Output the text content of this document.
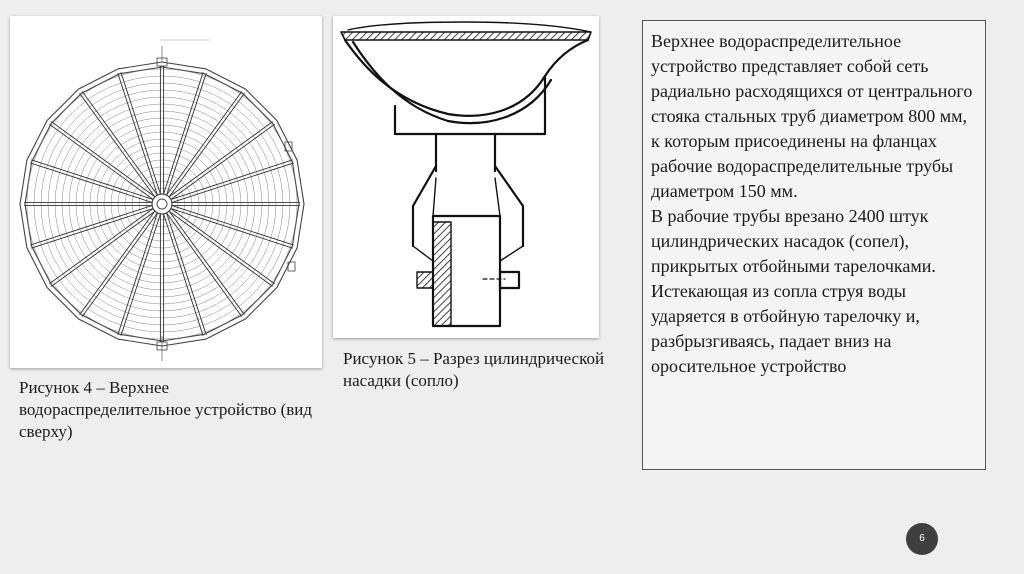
Рисунок 4 – Верхнее водораспределительное устройство (вид сверху)
Рисунок 5 – Разрез цилиндрической насадки (сопло)

Верхнее водораспределительное устройство представляет собой сеть радиально расходящихся от центрального стояка стальных труб диаметром 800 мм, к которым присоединены на фланцах рабочие водораспределительные трубы диаметром 150 мм.

В рабочие трубы врезано 2400 штук цилиндрических насадок (сопел), прикрытых отбойными тарелочками. Истекающая из сопла струя воды ударяется в отбойную тарелочку и, разбрызгиваясь, падает вниз на оросительное устройство

6
